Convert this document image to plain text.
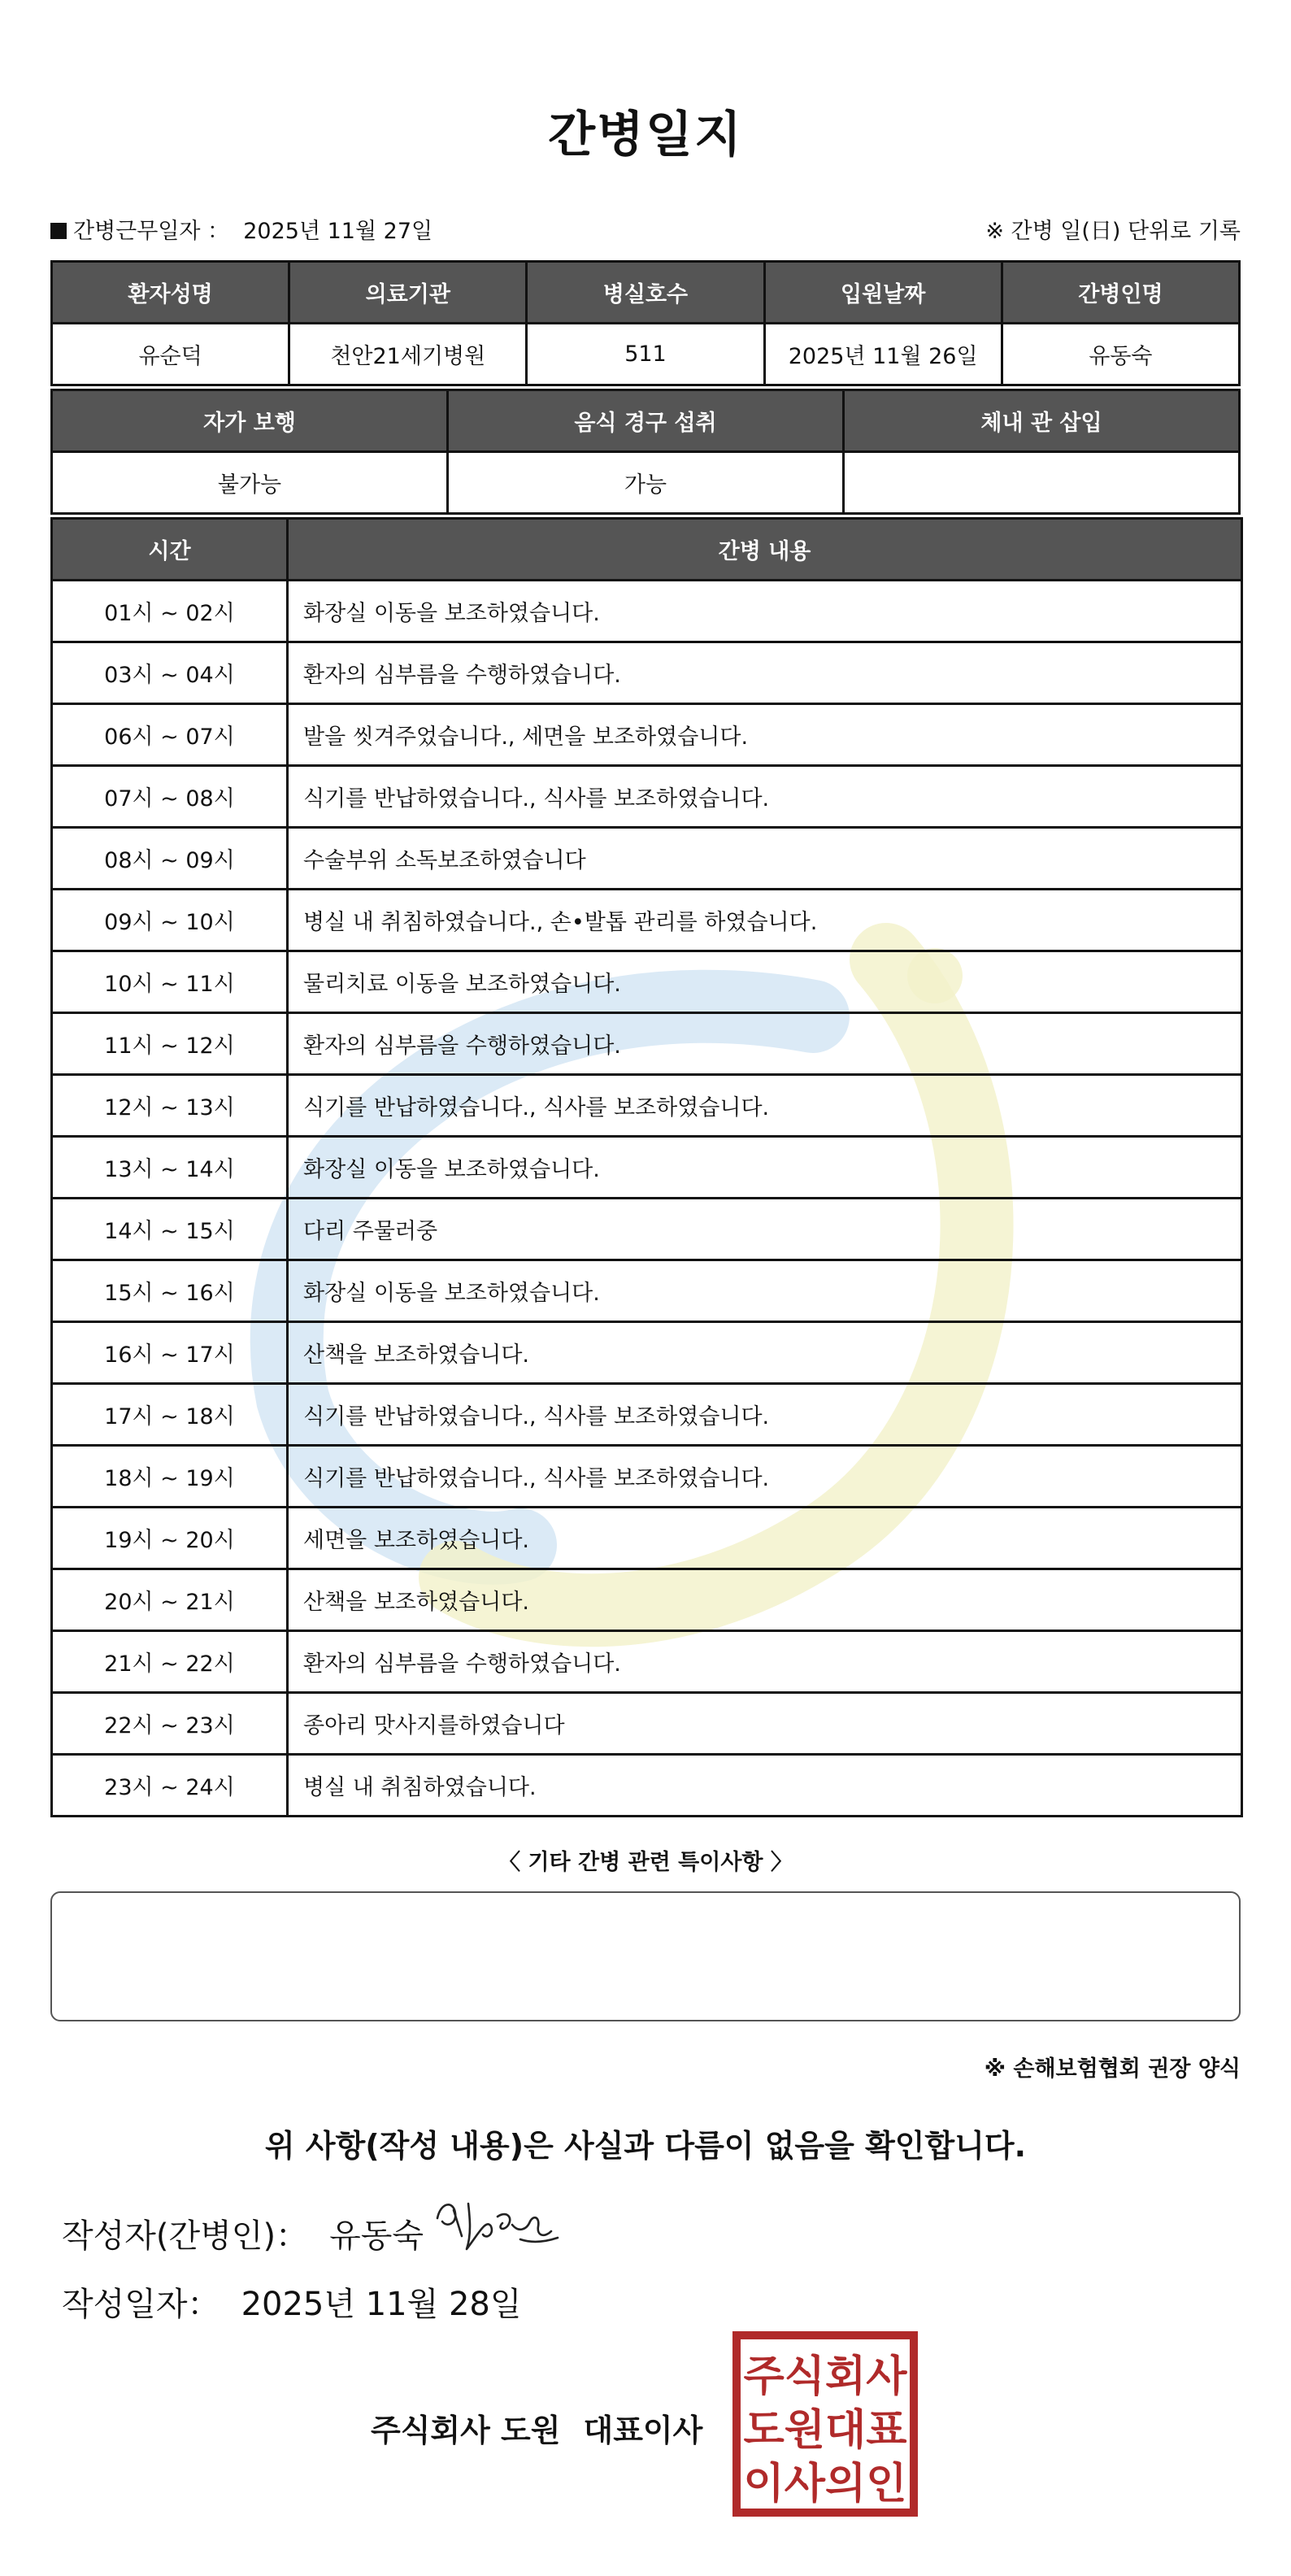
간병일지
간병근무일자 ： 2025년 11월 27일	※ 간병 일(日) 단위로 기록
환자성명	의료기관	병실호수	입원날짜	간병인명
유순덕	천안21세기병원	511	2025년 11월 26일	유동숙
자가 보행	음식 경구 섭취	체내 관 삽입
불가능	가능	
시간	간병 내용
01시 ~ 02시	화장실 이동을 보조하였습니다.
03시 ~ 04시	환자의 심부름을 수행하였습니다.
06시 ~ 07시	발을 씻겨주었습니다., 세면을 보조하였습니다.
07시 ~ 08시	식기를 반납하였습니다., 식사를 보조하였습니다.
08시 ~ 09시	수술부위 소독보조하였습니다
09시 ~ 10시	병실 내 취침하였습니다., 손•발톱 관리를 하였습니다.
10시 ~ 11시	물리치료 이동을 보조하였습니다.
11시 ~ 12시	환자의 심부름을 수행하였습니다.
12시 ~ 13시	식기를 반납하였습니다., 식사를 보조하였습니다.
13시 ~ 14시	화장실 이동을 보조하였습니다.
14시 ~ 15시	다리 주물러중
15시 ~ 16시	화장실 이동을 보조하였습니다.
16시 ~ 17시	산책을 보조하였습니다.
17시 ~ 18시	식기를 반납하였습니다., 식사를 보조하였습니다.
18시 ~ 19시	식기를 반납하였습니다., 식사를 보조하였습니다.
19시 ~ 20시	세면을 보조하였습니다.
20시 ~ 21시	산책을 보조하였습니다.
21시 ~ 22시	환자의 심부름을 수행하였습니다.
22시 ~ 23시	종아리 맛사지를하였습니다
23시 ~ 24시	병실 내 취침하였습니다.
〈 기타 간병 관련 특이사항 〉
※ 손해보험협회 권장 양식
위 사항(작성 내용)은 사실과 다름이 없음을 확인합니다.
작성자(간병인)： 유동숙
작성일자： 2025년 11월 28일
주식회사 도원 대표이사
주식회사
도원대표
이사의인
